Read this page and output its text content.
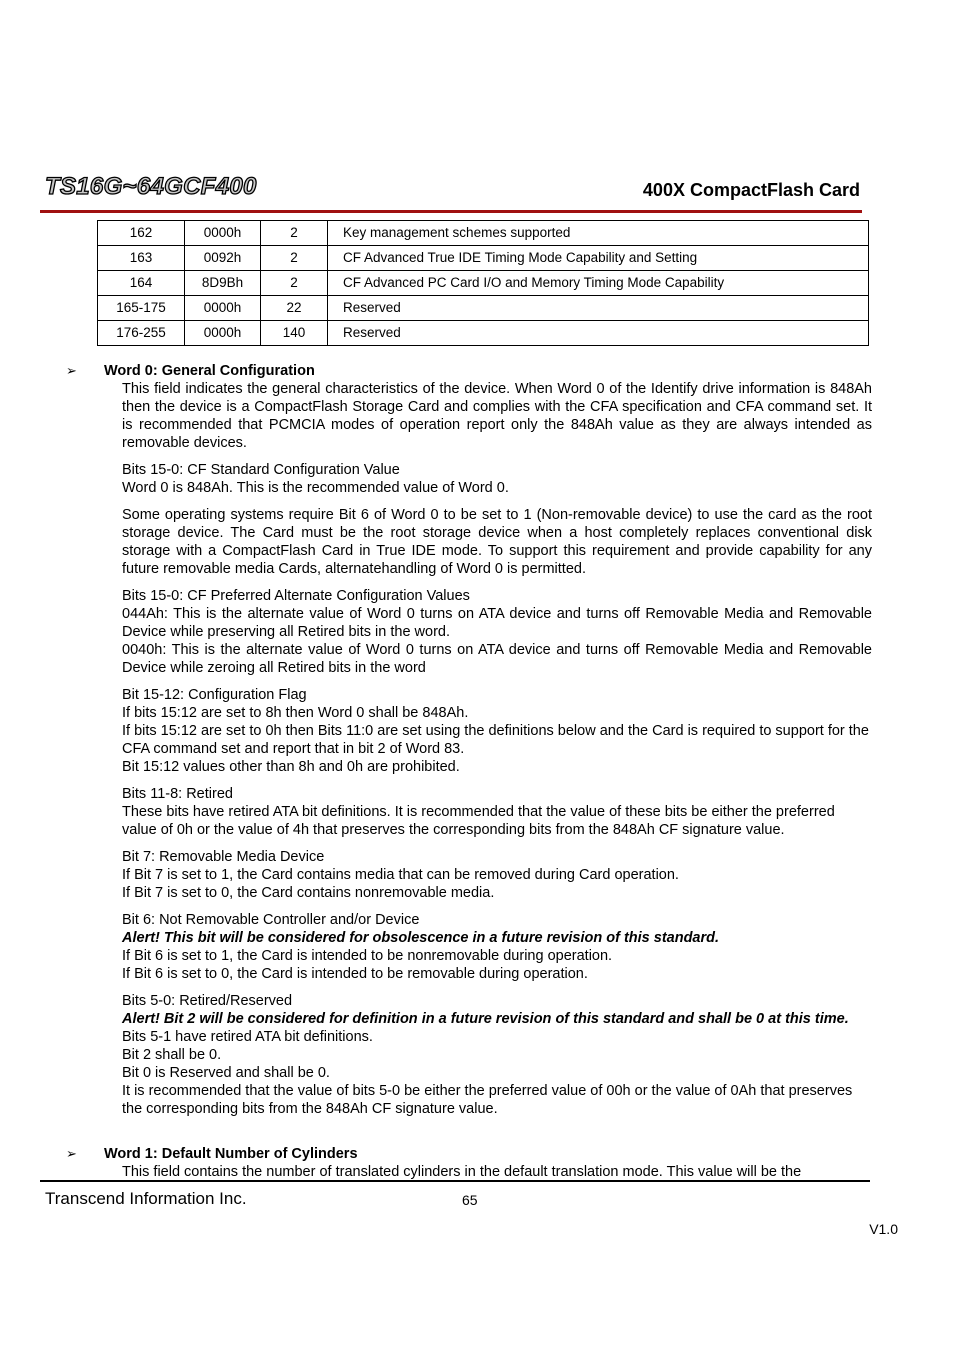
TS16G~64GCF400	400X CompactFlash Card
162	0000h	2	Key management schemes supported
163	0092h	2	CF Advanced True IDE Timing Mode Capability and Setting
164	8D9Bh	2	CF Advanced PC Card I/O and Memory Timing Mode Capability
165-175	0000h	22	Reserved
176-255	0000h	140	Reserved
➢ Word 0: General Configuration

This field indicates the general characteristics of the device. When Word 0 of the Identify drive information is 848Ah then the device is a CompactFlash Storage Card and complies with the CFA specification and CFA command set. It is recommended that PCMCIA modes of operation report only the 848Ah value as they are always intended as removable devices.

Bits 15-0: CF Standard Configuration Value
Word 0 is 848Ah. This is the recommended value of Word 0.

Some operating systems require Bit 6 of Word 0 to be set to 1 (Non-removable device) to use the card as the root storage device. The Card must be the root storage device when a host completely replaces conventional disk storage with a CompactFlash Card in True IDE mode. To support this requirement and provide capability for any future removable media Cards, alternatehandling of Word 0 is permitted.

Bits 15-0: CF Preferred Alternate Configuration Values
044Ah: This is the alternate value of Word 0 turns on ATA device and turns off Removable Media and Removable Device while preserving all Retired bits in the word.
0040h: This is the alternate value of Word 0 turns on ATA device and turns off Removable Media and Removable Device while zeroing all Retired bits in the word

Bit 15-12: Configuration Flag
If bits 15:12 are set to 8h then Word 0 shall be 848Ah.
If bits 15:12 are set to 0h then Bits 11:0 are set using the definitions below and the Card is required to support for the CFA command set and report that in bit 2 of Word 83.
Bit 15:12 values other than 8h and 0h are prohibited.

Bits 11-8: Retired
These bits have retired ATA bit definitions. It is recommended that the value of these bits be either the preferred value of 0h or the value of 4h that preserves the corresponding bits from the 848Ah CF signature value.

Bit 7: Removable Media Device
If Bit 7 is set to 1, the Card contains media that can be removed during Card operation.
If Bit 7 is set to 0, the Card contains nonremovable media.

Bit 6: Not Removable Controller and/or Device
Alert! This bit will be considered for obsolescence in a future revision of this standard.
If Bit 6 is set to 1, the Card is intended to be nonremovable during operation.
If Bit 6 is set to 0, the Card is intended to be removable during operation.

Bits 5-0: Retired/Reserved
Alert! Bit 2 will be considered for definition in a future revision of this standard and shall be 0 at this time.
Bits 5-1 have retired ATA bit definitions.
Bit 2 shall be 0.
Bit 0 is Reserved and shall be 0.
It is recommended that the value of bits 5-0 be either the preferred value of 00h or the value of 0Ah that preserves the corresponding bits from the 848Ah CF signature value.

➢ Word 1: Default Number of Cylinders

This field contains the number of translated cylinders in the default translation mode. This value will be the

Transcend Information Inc.	65
V1.0
